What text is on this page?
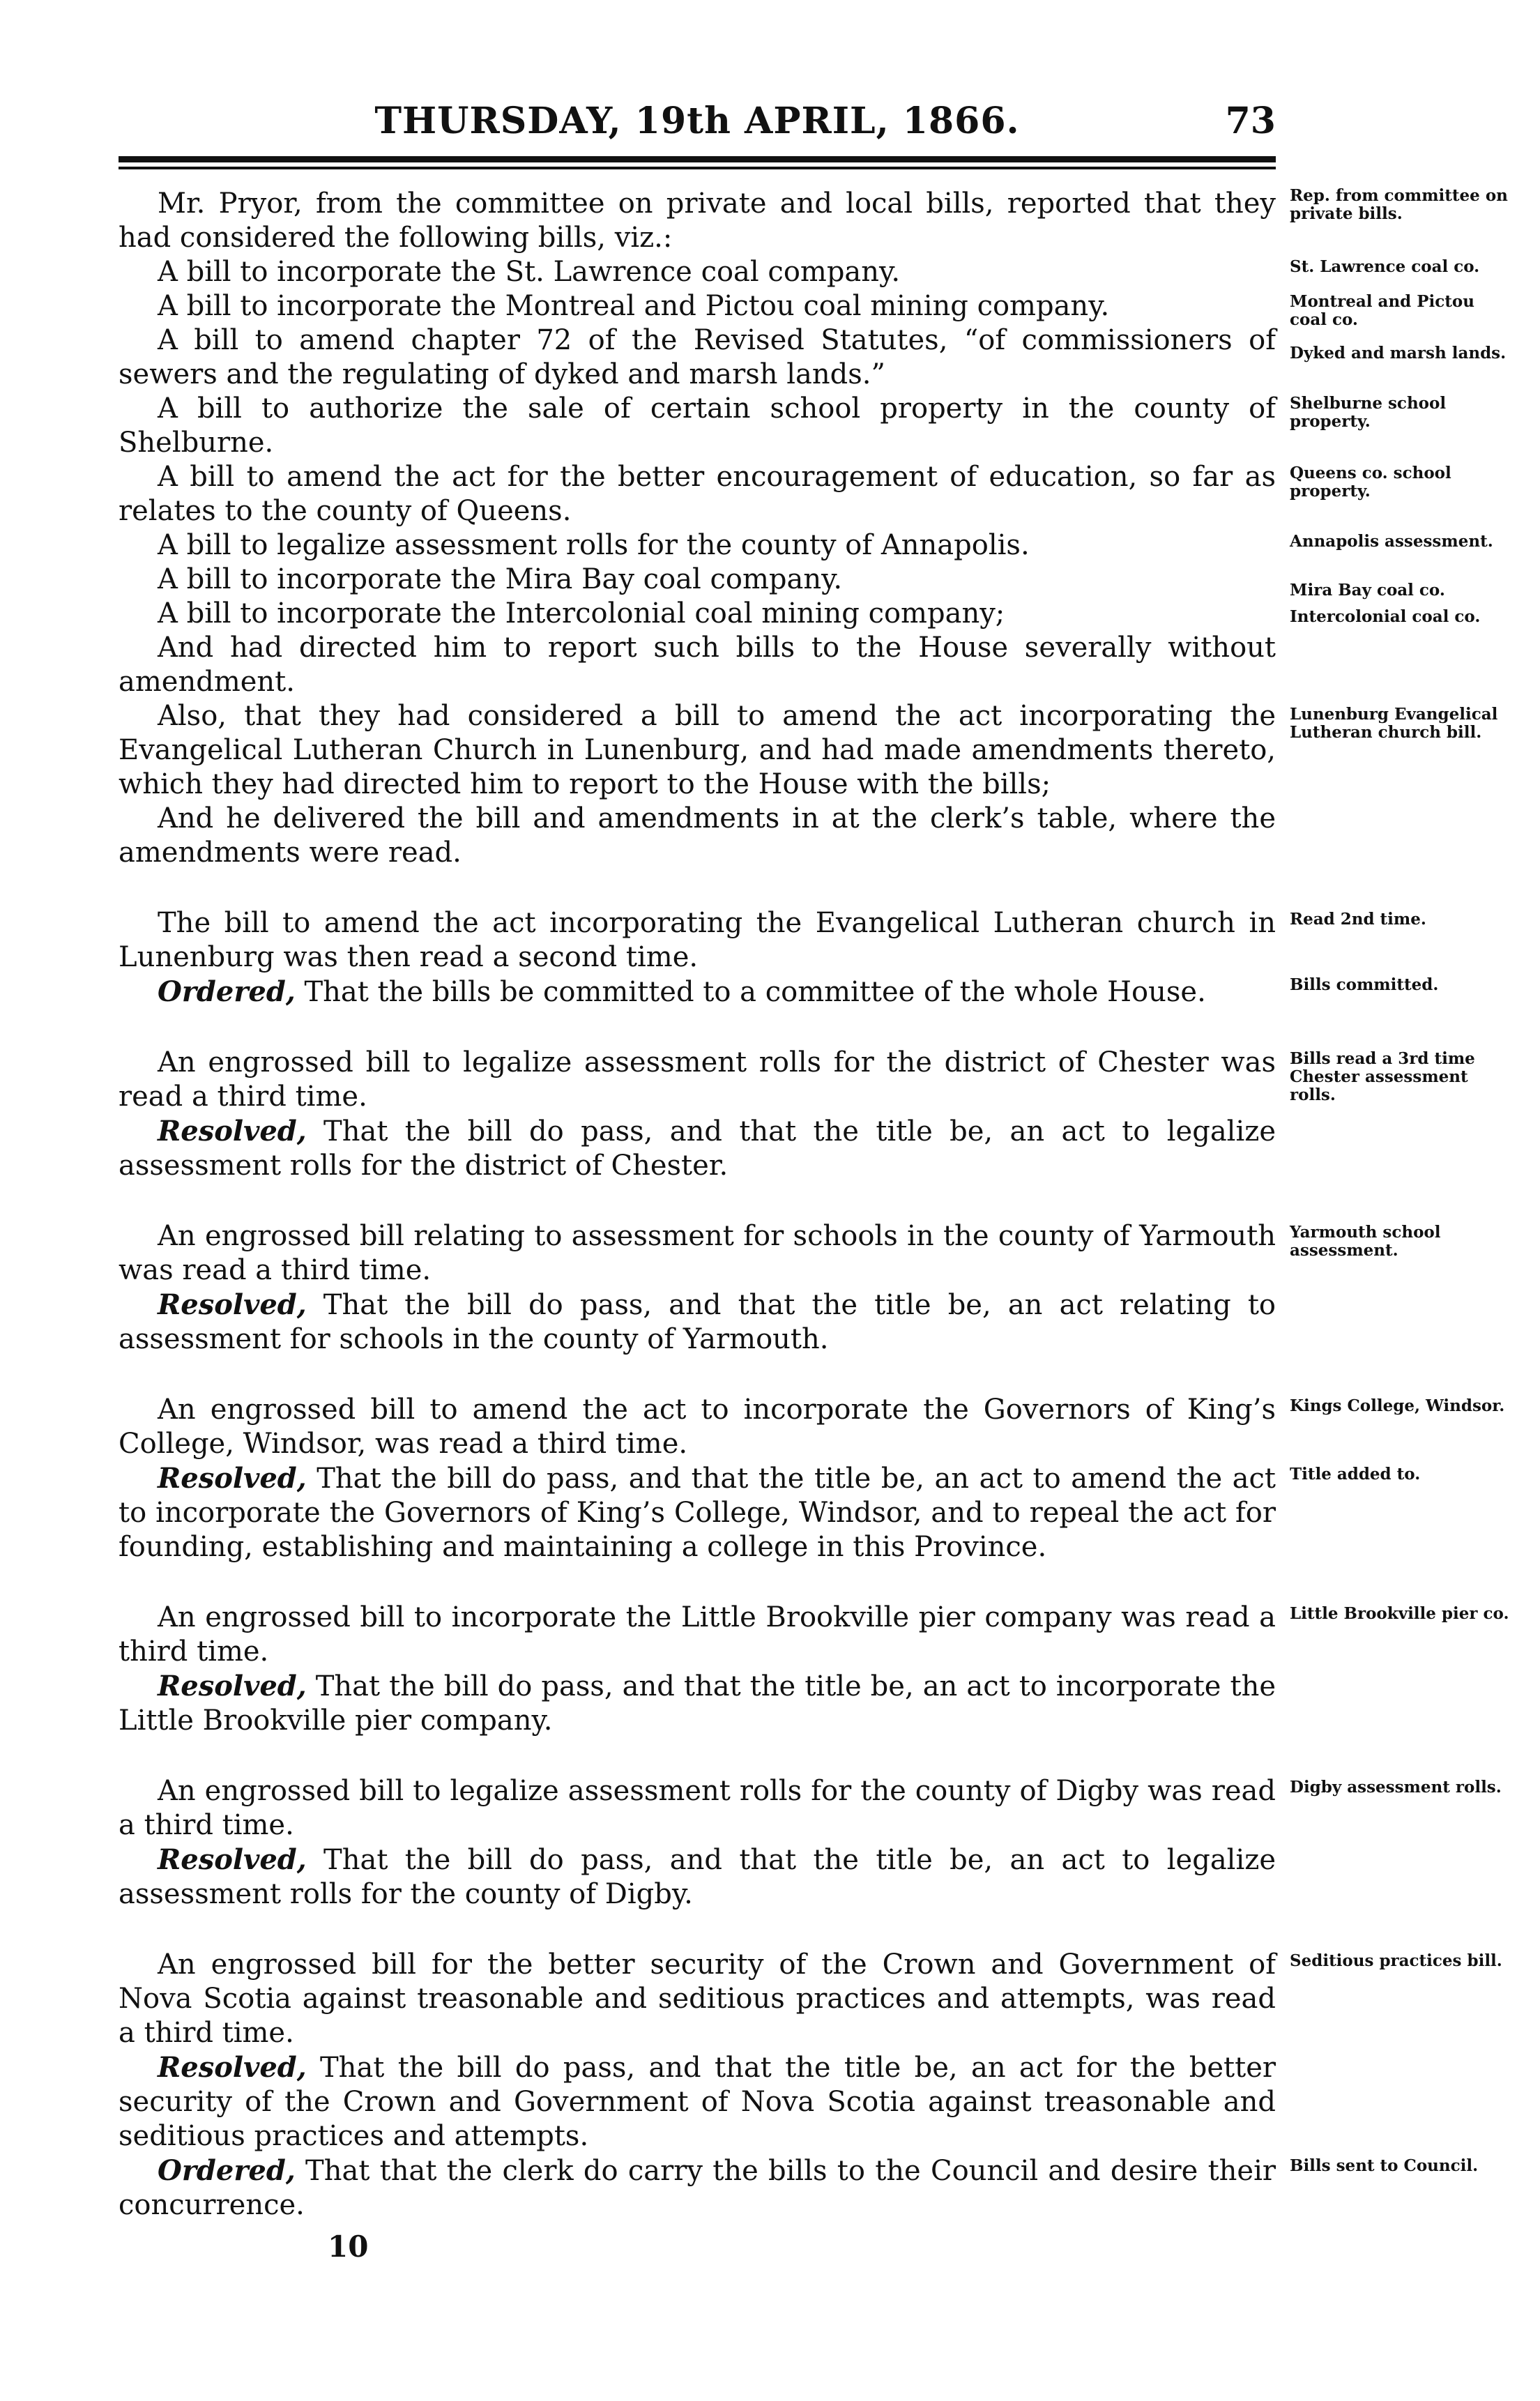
THURSDAY, 19th APRIL, 1866.	73

Mr. Pryor, from the committee on private and local bills, reported that they had considered the following bills, viz.:

A bill to incorporate the St. Lawrence coal company.

A bill to incorporate the Montreal and Pictou coal mining company.

A bill to amend chapter 72 of the Revised Statutes, “of commissioners of sewers and the regulating of dyked and marsh lands.”

A bill to authorize the sale of certain school property in the county of Shelburne.

A bill to amend the act for the better encouragement of education, so far as relates to the county of Queens.

A bill to legalize assessment rolls for the county of Annapolis.

A bill to incorporate the Mira Bay coal company.

A bill to incorporate the Intercolonial coal mining company;

And had directed him to report such bills to the House severally without amendment.

Also, that they had considered a bill to amend the act incorporating the Evangelical Lutheran Church in Lunenburg, and had made amendments thereto, which they had directed him to report to the House with the bills;

And he delivered the bill and amendments in at the clerk’s table, where the amendments were read.

Rep. from committee on private bills.
St. Lawrence coal co.
Montreal and Pictou coal co.
Dyked and marsh lands.
Shelburne school property.
Queens co. school property.
Annapolis assessment.
Mira Bay coal co.
Intercolonial coal co.
Lunenburg Evangelical Lutheran church bill.

The bill to amend the act incorporating the Evangelical Lutheran church in Lunenburg was then read a second time.

Ordered, That the bills be committed to a committee of the whole House.

Read 2nd time.
Bills committed.

An engrossed bill to legalize assessment rolls for the district of Chester was read a third time.

Resolved, That the bill do pass, and that the title be, an act to legalize assessment rolls for the district of Chester.

Bills read a 3rd time Chester assessment rolls.

An engrossed bill relating to assessment for schools in the county of Yarmouth was read a third time.

Resolved, That the bill do pass, and that the title be, an act relating to assessment for schools in the county of Yarmouth.

Yarmouth school assessment.

An engrossed bill to amend the act to incorporate the Governors of King’s College, Windsor, was read a third time.

Resolved, That the bill do pass, and that the title be, an act to amend the act to incorporate the Governors of King’s College, Windsor, and to repeal the act for founding, establishing and maintaining a college in this Province.

Kings College, Windsor.
Title added to.

An engrossed bill to incorporate the Little Brookville pier company was read a third time.

Resolved, That the bill do pass, and that the title be, an act to incorporate the Little Brookville pier company.

Little Brookville pier co.

An engrossed bill to legalize assessment rolls for the county of Digby was read a third time.

Resolved, That the bill do pass, and that the title be, an act to legalize assessment rolls for the county of Digby.

Digby assessment rolls.

An engrossed bill for the better security of the Crown and Government of Nova Scotia against treasonable and seditious practices and attempts, was read a third time.

Resolved, That the bill do pass, and that the title be, an act for the better security of the Crown and Government of Nova Scotia against treasonable and seditious practices and attempts.

Ordered, That that the clerk do carry the bills to the Council and desire their concurrence.

Seditious practices bill.
Bills sent to Council.
10
